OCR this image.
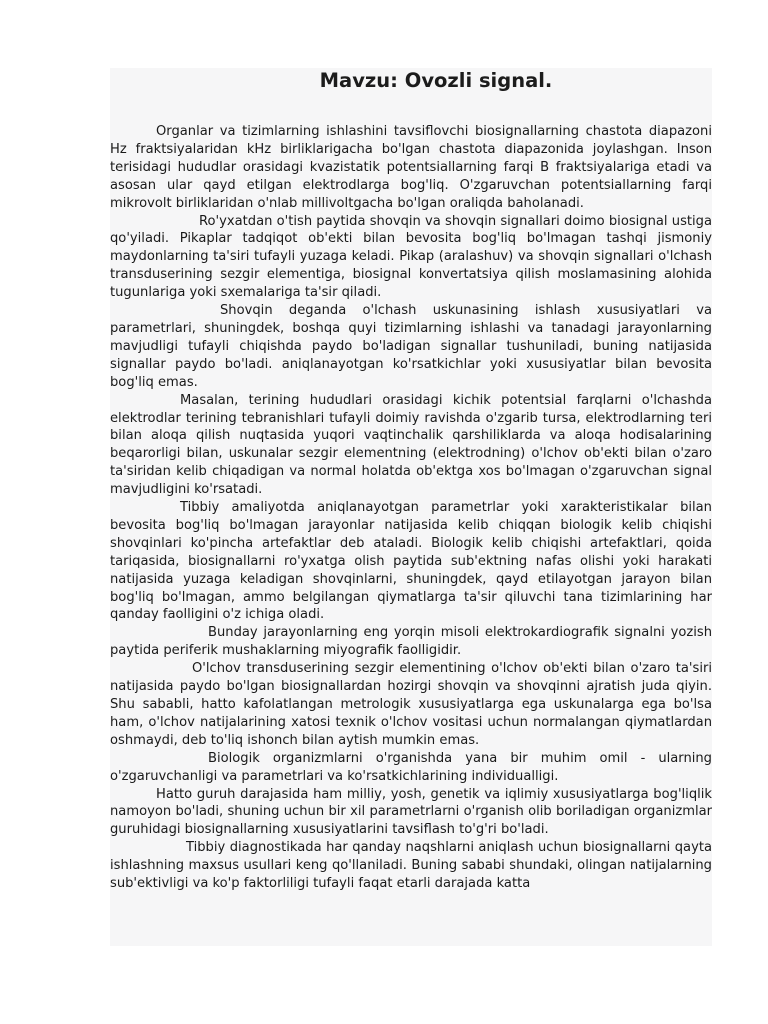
Mavzu: Ovozli signal.

Organlar va tizimlarning ishlashini tavsiflovchi biosignallarning chastota diapazoni Hz fraktsiyalaridan kHz birliklarigacha bo'lgan chastota diapazonida joylashgan. Inson terisidagi hududlar orasidagi kvazistatik potentsiallarning farqi B fraktsiyalariga etadi va asosan ular qayd etilgan elektrodlarga bog'liq. O'zgaruvchan potentsiallarning farqi mikrovolt birliklaridan o'nlab millivoltgacha bo'lgan oraliqda baholanadi.

Ro'yxatdan o'tish paytida shovqin va shovqin signallari doimo biosignal ustiga qo'yiladi. Pikaplar tadqiqot ob'ekti bilan bevosita bog'liq bo'lmagan tashqi jismoniy maydonlarning ta'siri tufayli yuzaga keladi. Pikap (aralashuv) va shovqin signallari o'lchash transduserining sezgir elementiga, biosignal konvertatsiya qilish moslamasining alohida tugunlariga yoki sxemalariga ta'sir qiladi.

Shovqin deganda o'lchash uskunasining ishlash xususiyatlari va parametrlari, shuningdek, boshqa quyi tizimlarning ishlashi va tanadagi jarayonlarning mavjudligi tufayli chiqishda paydo bo'ladigan signallar tushuniladi, buning natijasida signallar paydo bo'ladi. aniqlanayotgan ko'rsatkichlar yoki xususiyatlar bilan bevosita bog'liq emas.

Masalan, terining hududlari orasidagi kichik potentsial farqlarni o'lchashda elektrodlar terining tebranishlari tufayli doimiy ravishda o'zgarib tursa, elektrodlarning teri bilan aloqa qilish nuqtasida yuqori vaqtinchalik qarshiliklarda va aloqa hodisalarining beqarorligi bilan, uskunalar sezgir elementning (elektrodning) o'lchov ob'ekti bilan o'zaro ta'siridan kelib chiqadigan va normal holatda ob'ektga xos bo'lmagan o'zgaruvchan signal mavjudligini ko'rsatadi.

Tibbiy amaliyotda aniqlanayotgan parametrlar yoki xarakteristikalar bilan bevosita bog'liq bo'lmagan jarayonlar natijasida kelib chiqqan biologik kelib chiqishi shovqinlari ko'pincha artefaktlar deb ataladi. Biologik kelib chiqishi artefaktlari, qoida tariqasida, biosignallarni ro'yxatga olish paytida sub'ektning nafas olishi yoki harakati natijasida yuzaga keladigan shovqinlarni, shuningdek, qayd etilayotgan jarayon bilan bog'liq bo'lmagan, ammo belgilangan qiymatlarga ta'sir qiluvchi tana tizimlarining har qanday faolligini o'z ichiga oladi.

Bunday jarayonlarning eng yorqin misoli elektrokardiografik signalni yozish paytida periferik mushaklarning miyografik faolligidir.

O'lchov transduserining sezgir elementining o'lchov ob'ekti bilan o'zaro ta'siri natijasida paydo bo'lgan biosignallardan hozirgi shovqin va shovqinni ajratish juda qiyin. Shu sababli, hatto kafolatlangan metrologik xususiyatlarga ega uskunalarga ega bo'lsa ham, o'lchov natijalarining xatosi texnik o'lchov vositasi uchun normalangan qiymatlardan oshmaydi, deb to'liq ishonch bilan aytish mumkin emas.

Biologik organizmlarni o'rganishda yana bir muhim omil - ularning o'zgaruvchanligi va parametrlari va ko'rsatkichlarining individualligi.

Hatto guruh darajasida ham milliy, yosh, genetik va iqlimiy xususiyatlarga bog'liqlik namoyon bo'ladi, shuning uchun bir xil parametrlarni o'rganish olib boriladigan organizmlar guruhidagi biosignallarning xususiyatlarini tavsiflash to'g'ri bo'ladi.

Tibbiy diagnostikada har qanday naqshlarni aniqlash uchun biosignallarni qayta ishlashning maxsus usullari keng qo'llaniladi. Buning sababi shundaki, olingan natijalarning sub'ektivligi va ko'p faktorliligi tufayli faqat etarli darajada katta
